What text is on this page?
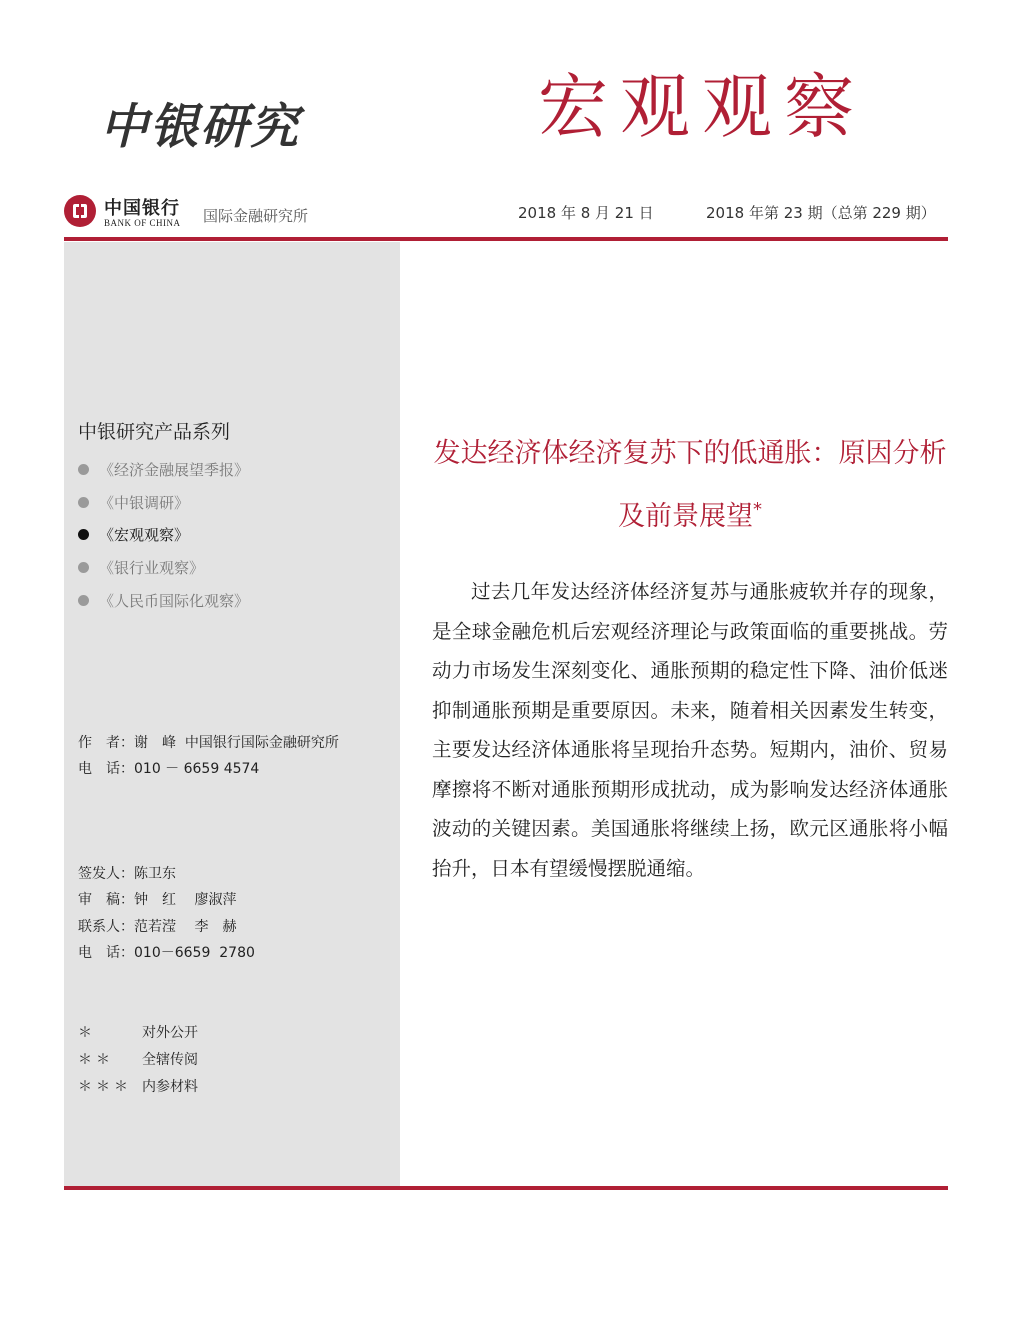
中银研究	宏观观察
中国银行
BANK OF CHINA 国际金融研究所	2018 年 8 月 21 日	2018 年第 23 期（总第 229 期）
中银研究产品系列
《经济金融展望季报》
《中银调研》
《宏观观察》
《银行业观察》
《人民币国际化观察》
作　者：谢　峰  中国银行国际金融研究所
电　话：010 － 6659 4574
签发人：陈卫东
审　稿：钟　红　 廖淑萍
联系人：范若滢　 李　赫
电　话：010－6659  2780
＊	对外公开
＊＊ 全辖传阅
＊＊＊ 内参材料
发达经济体经济复苏下的低通胀：原因分析及前景展望*

过去几年发达经济体经济复苏与通胀疲软并存的现象，是全球金融危机后宏观经济理论与政策面临的重要挑战。劳动力市场发生深刻变化、通胀预期的稳定性下降、油价低迷抑制通胀预期是重要原因。未来，随着相关因素发生转变，主要发达经济体通胀将呈现抬升态势。短期内，油价、贸易摩擦将不断对通胀预期形成扰动，成为影响发达经济体通胀波动的关键因素。美国通胀将继续上扬，欧元区通胀将小幅抬升，日本有望缓慢摆脱通缩。
